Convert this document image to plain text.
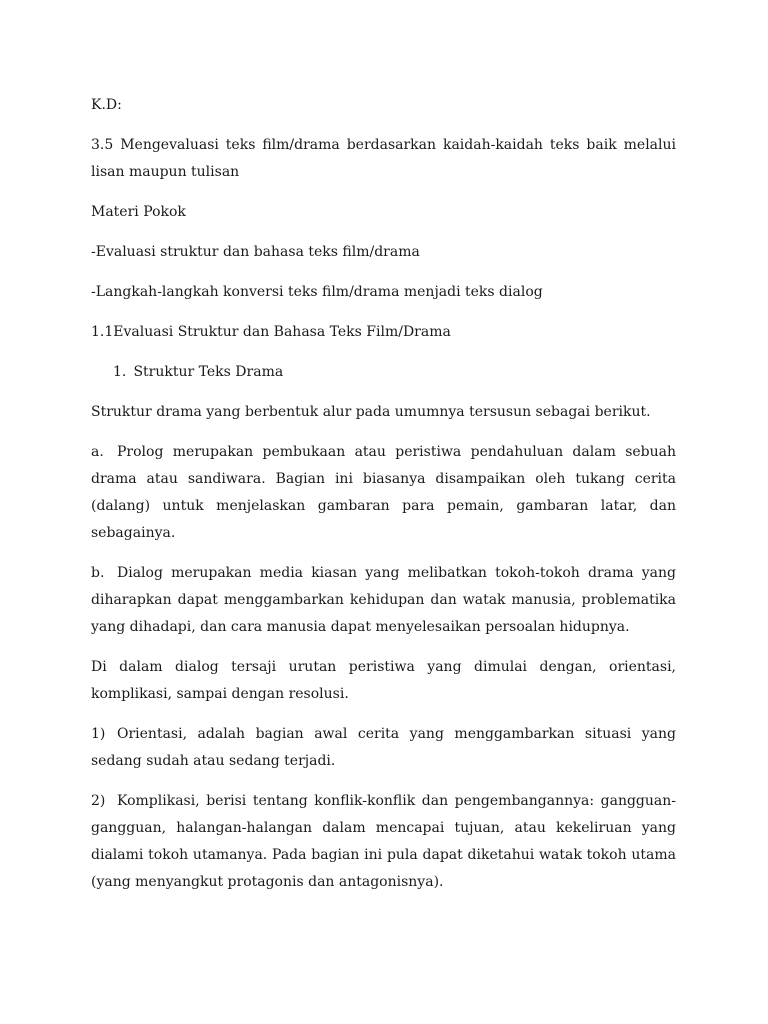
K.D:

3.5 Mengevaluasi teks film/drama berdasarkan kaidah-kaidah teks baik melalui lisan maupun tulisan

Materi Pokok

-Evaluasi struktur dan bahasa teks film/drama

-Langkah-langkah konversi teks film/drama menjadi teks dialog

1.1Evaluasi Struktur dan Bahasa Teks Film/Drama

1. Struktur Teks Drama

Struktur drama yang berbentuk alur pada umumnya tersusun sebagai berikut.

a. Prolog merupakan pembukaan atau peristiwa pendahuluan dalam sebuah drama atau sandiwara. Bagian ini biasanya disampaikan oleh tukang cerita (dalang) untuk menjelaskan gambaran para pemain, gambaran latar, dan sebagainya.

b. Dialog merupakan media kiasan yang melibatkan tokoh-tokoh drama yang diharapkan dapat menggambarkan kehidupan dan watak manusia, problematika yang dihadapi, dan cara manusia dapat menyelesaikan persoalan hidupnya.

Di dalam dialog tersaji urutan peristiwa yang dimulai dengan, orientasi, komplikasi, sampai dengan resolusi.

1) Orientasi, adalah bagian awal cerita yang menggambarkan situasi yang sedang sudah atau sedang terjadi.

2) Komplikasi, berisi tentang konflik-konflik dan pengembangannya: gangguan-gangguan, halangan-halangan dalam mencapai tujuan, atau kekeliruan yang dialami tokoh utamanya. Pada bagian ini pula dapat diketahui watak tokoh utama (yang menyangkut protagonis dan antagonisnya).
